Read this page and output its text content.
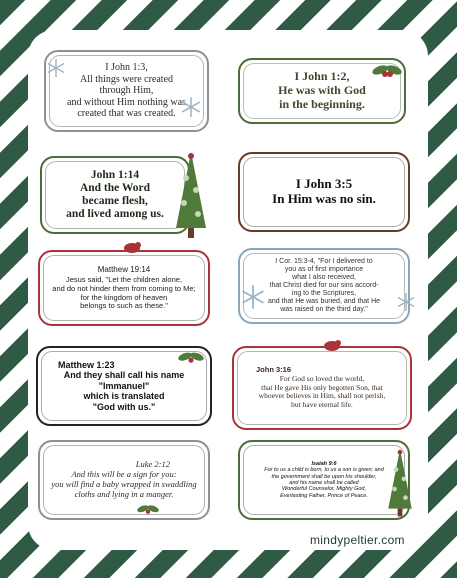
I John 1:3,
All things were created
through Him,
and without Him nothing was
created that was created.
I John 1:2,
He was with God
in the beginning.
John 1:14
And the Word
became flesh,
and lived among us.
I John 3:5
In Him was no sin.
Matthew 19:14
Jesus said, "Let the children alone,
and do not hinder them from coming to Me;
for the kingdom of heaven
belongs to such as these."
I Cor. 15:3-4, "For I delivered to
you as of first importance
what I also received,
that Christ died for our sins accord-
ing to the Scriptures,
and that He was buried, and that He
was raised on the third day."
Matthew 1:23
And they shall call his name
"Immanuel"
which is translated
"God with us."
John 3:16
For God so loved the world,
that He gave His only begotten Son, that
whoever believes in Him, shall not perish,
but have eternal life.
Luke 2:12
And this will be a sign for you:
you will find a baby wrapped in swaddling
cloths and lying in a manger.
Isaiah 9:6
For to us a child is born, to us a son is given; and
the government shall be upon his shoulder,
and his name shall be called
Wonderful Counselor, Mighty God,
Everlasting Father, Prince of Peace.
mindypeltier.com
